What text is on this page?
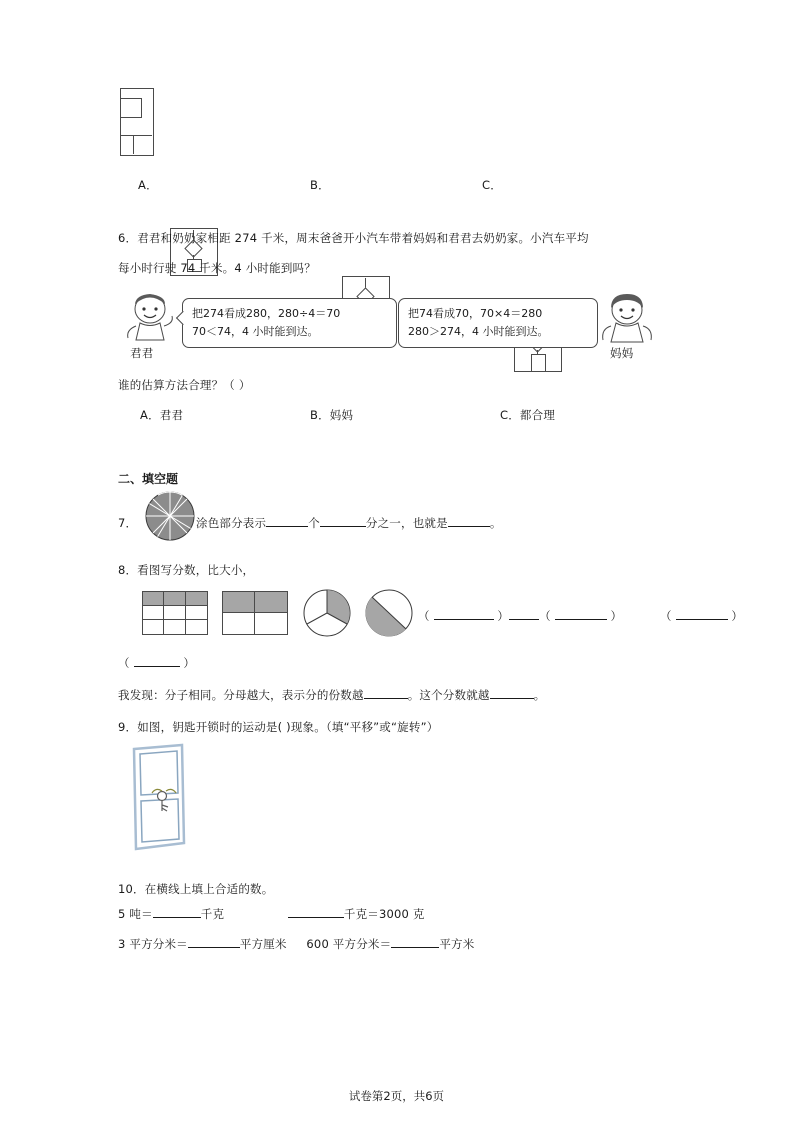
A．	B．	C．
6．君君和奶奶家相距 274 千米，周末爸爸开小汽车带着妈妈和君君去奶奶家。小汽车平均
每小时行驶 74 千米。4 小时能到吗？
君君
把274看成280，280÷4＝70
70＜74，4 小时能到达。
把74看成70，70×4＝280
280＞274，4 小时能到达。
妈妈
谁的估算方法合理？（ ）
A．君君	B．妈妈	C．都合理
二、填空题
7．	涂色部分表示	个	分之一，也就是	。
8．看图写分数，比大小，
（	）	（	）	（	）
（	）
我发现：分子相同。分母越大，表示分的份数越	。这个分数就越	。
9．如图，钥匙开锁时的运动是( )现象。（填“平移”或“旋转”）
10．在横线上填上合适的数。
5 吨＝	千克	千克＝3000 克
3 平方分米＝	平方厘米 600 平方分米＝	平方米
试卷第2页，共6页
